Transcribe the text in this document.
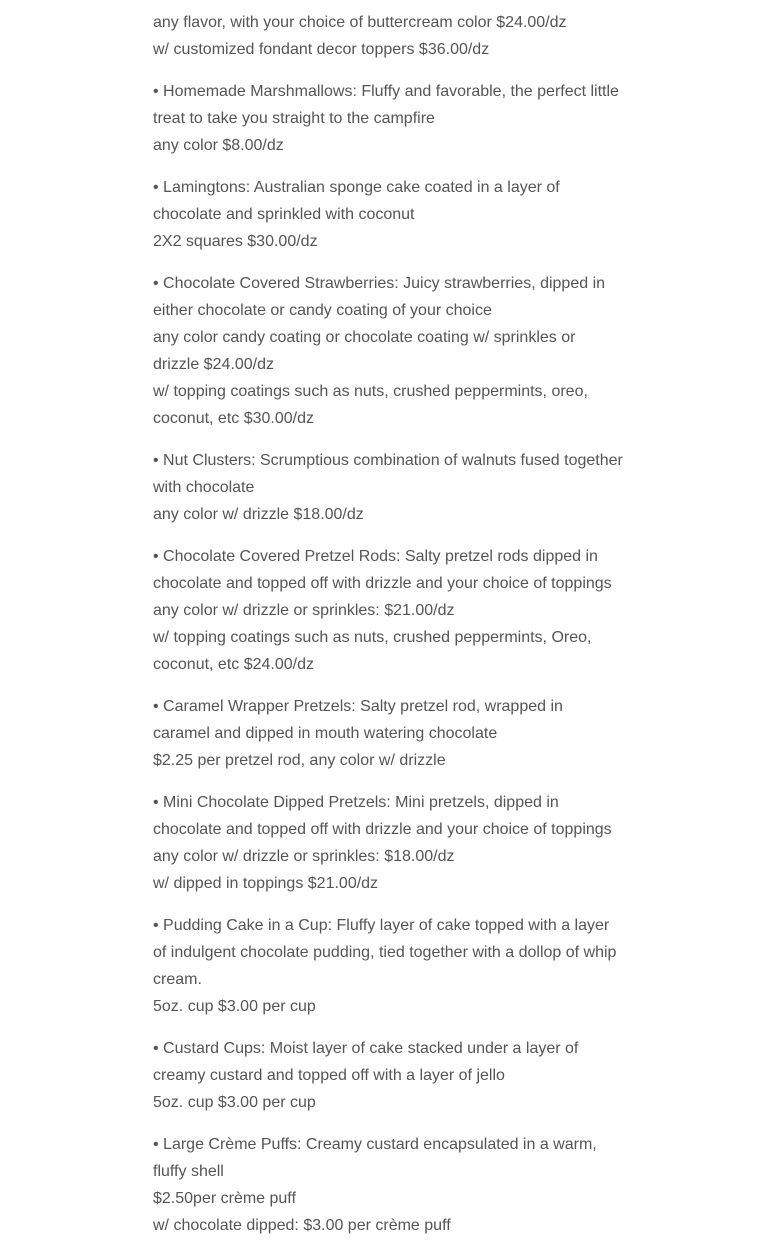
any flavor, with your choice of buttercream color $24.00/dz
w/ customized fondant decor toppers $36.00/dz
• Homemade Marshmallows: Fluffy and favorable, the perfect little treat to take you straight to the campfire
any color $8.00/dz
• Lamingtons: Australian sponge cake coated in a layer of chocolate and sprinkled with coconut
2X2 squares $30.00/dz
• Chocolate Covered Strawberries: Juicy strawberries, dipped in either chocolate or candy coating of your choice
any color candy coating or chocolate coating w/ sprinkles or drizzle $24.00/dz
w/ topping coatings such as nuts, crushed peppermints, oreo, coconut, etc $30.00/dz
• Nut Clusters: Scrumptious combination of walnuts fused together with chocolate
any color w/ drizzle $18.00/dz
• Chocolate Covered Pretzel Rods: Salty pretzel rods dipped in chocolate and topped off with drizzle and your choice of toppings
any color w/ drizzle or sprinkles: $21.00/dz
w/ topping coatings such as nuts, crushed peppermints, Oreo, coconut, etc $24.00/dz
• Caramel Wrapper Pretzels: Salty pretzel rod, wrapped in caramel and dipped in mouth watering chocolate
$2.25 per pretzel rod, any color w/ drizzle
• Mini Chocolate Dipped Pretzels: Mini pretzels, dipped in chocolate and topped off with drizzle and your choice of toppings
any color w/ drizzle or sprinkles: $18.00/dz
w/ dipped in toppings $21.00/dz
• Pudding Cake in a Cup: Fluffy layer of cake topped with a layer of indulgent chocolate pudding, tied together with a dollop of whip cream.
5oz. cup $3.00 per cup
• Custard Cups: Moist layer of cake stacked under a layer of creamy custard and topped off with a layer of jello
5oz. cup $3.00 per cup
• Large Crème Puffs: Creamy custard encapsulated in a warm, fluffy shell
$2.50per crème puff
w/ chocolate dipped: $3.00 per crème puff
